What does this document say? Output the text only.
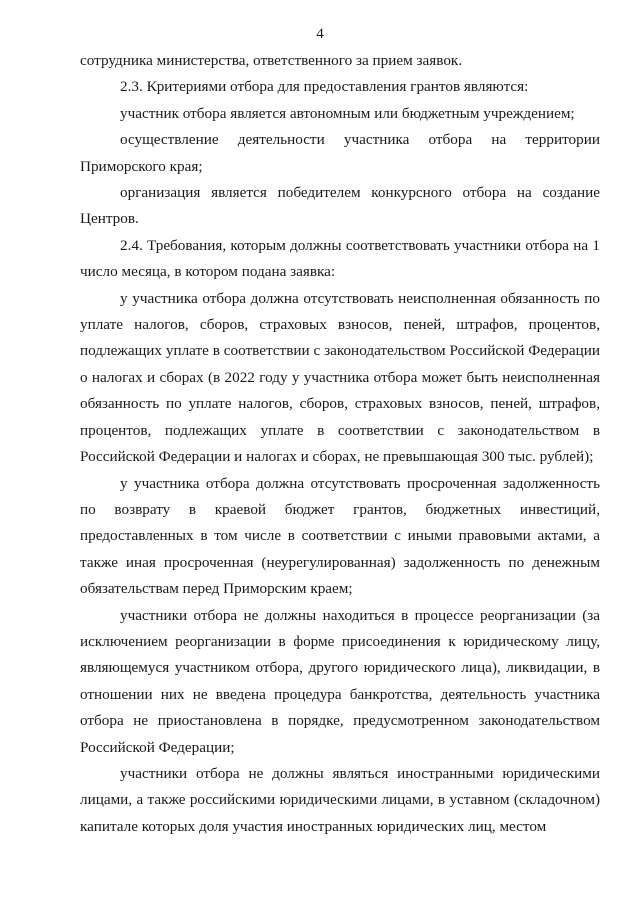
4

сотрудника министерства, ответственного за прием заявок.

2.3. Критериями отбора для предоставления грантов являются:

участник отбора является автономным или бюджетным учреждением;

осуществление деятельности участника отбора на территории Приморского края;

организация является победителем конкурсного отбора на создание Центров.

2.4. Требования, которым должны соответствовать участники отбора на 1 число месяца, в котором подана заявка:

у участника отбора должна отсутствовать неисполненная обязанность по уплате налогов, сборов, страховых взносов, пеней, штрафов, процентов, подлежащих уплате в соответствии с законодательством Российской Федерации о налогах и сборах (в 2022 году у участника отбора может быть неисполненная обязанность по уплате налогов, сборов, страховых взносов, пеней, штрафов, процентов, подлежащих уплате в соответствии с законодательством в Российской Федерации и налогах и сборах, не превышающая 300 тыс. рублей);

у участника отбора должна отсутствовать просроченная задолженность по возврату в краевой бюджет грантов, бюджетных инвестиций, предоставленных в том числе в соответствии с иными правовыми актами, а также иная просроченная (неурегулированная) задолженность по денежным обязательствам перед Приморским краем;

участники отбора не должны находиться в процессе реорганизации (за исключением реорганизации в форме присоединения к юридическому лицу, являющемуся участником отбора, другого юридического лица), ликвидации, в отношении них не введена процедура банкротства, деятельность участника отбора не приостановлена в порядке, предусмотренном законодательством Российской Федерации;

участники отбора не должны являться иностранными юридическими лицами, а также российскими юридическими лицами, в уставном (складочном) капитале которых доля участия иностранных юридических лиц, местом
